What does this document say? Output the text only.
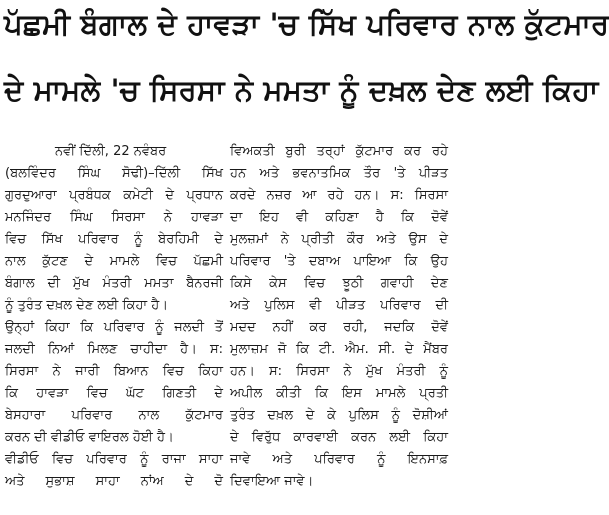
ਪੱਛਮੀ ਬੰਗਾਲ ਦੇ ਹਾਵੜਾ 'ਚ ਸਿੱਖ ਪਰਿਵਾਰ ਨਾਲ ਕੁੱਟਮਾਰ
ਦੇ ਮਾਮਲੇ 'ਚ ਸਿਰਸਾ ਨੇ ਮਮਤਾ ਨੂੰ ਦਖ਼ਲ ਦੇਣ ਲਈ ਕਿਹਾ
ਨਵੀਂ ਦਿੱਲੀ, 22 ਨਵੰਬਰ
(ਬਲਵਿੰਦਰ ਸਿੰਘ ਸੋਢੀ)–ਦਿੱਲੀ ਸਿੱਖ
ਗੁਰਦੁਆਰਾ ਪ੍ਰਬੰਧਕ ਕਮੇਟੀ ਦੇ ਪ੍ਰਧਾਨ
ਮਨਜਿੰਦਰ ਸਿੰਘ ਸਿਰਸਾ ਨੇ ਹਾਵੜਾ
ਵਿਚ ਸਿੱਖ ਪਰਿਵਾਰ ਨੂੰ ਬੇਰਹਿਮੀ ਦੇ
ਨਾਲ ਕੁੱਟਣ ਦੇ ਮਾਮਲੇ ਵਿਚ ਪੱਛਮੀ
ਬੰਗਾਲ ਦੀ ਮੁੱਖ ਮੰਤਰੀ ਮਮਤਾ ਬੈਨਰਜੀ
ਨੂੰ ਤੁਰੰਤ ਦਖ਼ਲ ਦੇਣ ਲਈ ਕਿਹਾ ਹੈ।
ਉਨ੍ਹਾਂ ਕਿਹਾ ਕਿ ਪਰਿਵਾਰ ਨੂੰ ਜਲਦੀ ਤੋਂ
ਜਲਦੀ ਨਿਆਂ ਮਿਲਣ ਚਾਹੀਦਾ ਹੈ। ਸ:
ਸਿਰਸਾ ਨੇ ਜਾਰੀ ਬਿਆਨ ਵਿਚ ਕਿਹਾ
ਕਿ ਹਾਵੜਾ ਵਿਚ ਘੱਟ ਗਿਣਤੀ ਦੇ
ਬੇਸਹਾਰਾ ਪਰਿਵਾਰ ਨਾਲ ਕੁੱਟਮਾਰ
ਕਰਨ ਦੀ ਵੀਡੀਓ ਵਾਇਰਲ ਹੋਈ ਹੈ।
ਵੀਡੀਓ ਵਿਚ ਪਰਿਵਾਰ ਨੂੰ ਰਾਜਾ ਸਾਹਾ
ਅਤੇ ਸੁਭਾਸ਼ ਸਾਹਾ ਨਾਂਅ ਦੇ ਦੋ
ਵਿਅਕਤੀ ਬੁਰੀ ਤਰ੍ਹਾਂ ਕੁੱਟਮਾਰ ਕਰ ਰਹੇ
ਹਨ ਅਤੇ ਭਵਨਾਤਮਿਕ ਤੌਰ 'ਤੇ ਪੀੜਤ
ਕਰਦੇ ਨਜ਼ਰ ਆ ਰਹੇ ਹਨ। ਸ: ਸਿਰਸਾ
ਦਾ ਇਹ ਵੀ ਕਹਿਣਾ ਹੈ ਕਿ ਦੋਵੇਂ
ਮੁਲਜ਼ਮਾਂ ਨੇ ਪ੍ਰੀਤੀ ਕੌਰ ਅਤੇ ਉਸ ਦੇ
ਪਰਿਵਾਰ 'ਤੇ ਦਬਾਅ ਪਾਇਆ ਕਿ ਉਹ
ਕਿਸੇ ਕੇਸ ਵਿਚ ਝੂਠੀ ਗਵਾਹੀ ਦੇਣ
ਅਤੇ ਪੁਲਿਸ ਵੀ ਪੀੜਤ ਪਰਿਵਾਰ ਦੀ
ਮਦਦ ਨਹੀਂ ਕਰ ਰਹੀ, ਜਦਕਿ ਦੋਵੇਂ
ਮੁਲਾਜ਼ਮ ਜੋ ਕਿ ਟੀ. ਐਮ. ਸੀ. ਦੇ ਮੈਂਬਰ
ਹਨ। ਸ: ਸਿਰਸਾ ਨੇ ਮੁੱਖ ਮੰਤਰੀ ਨੂੰ
ਅਪੀਲ ਕੀਤੀ ਕਿ ਇਸ ਮਾਮਲੇ ਪ੍ਰਤੀ
ਤੁਰੰਤ ਦਖ਼ਲ ਦੇ ਕੇ ਪੁਲਿਸ ਨੂੰ ਦੋਸ਼ੀਆਂ
ਦੇ ਵਿਰੁੱਧ ਕਾਰਵਾਈ ਕਰਨ ਲਈ ਕਿਹਾ
ਜਾਵੇ ਅਤੇ ਪਰਿਵਾਰ ਨੂੰ ਇਨਸਾਫ਼
ਦਿਵਾਇਆ ਜਾਵੇ।
